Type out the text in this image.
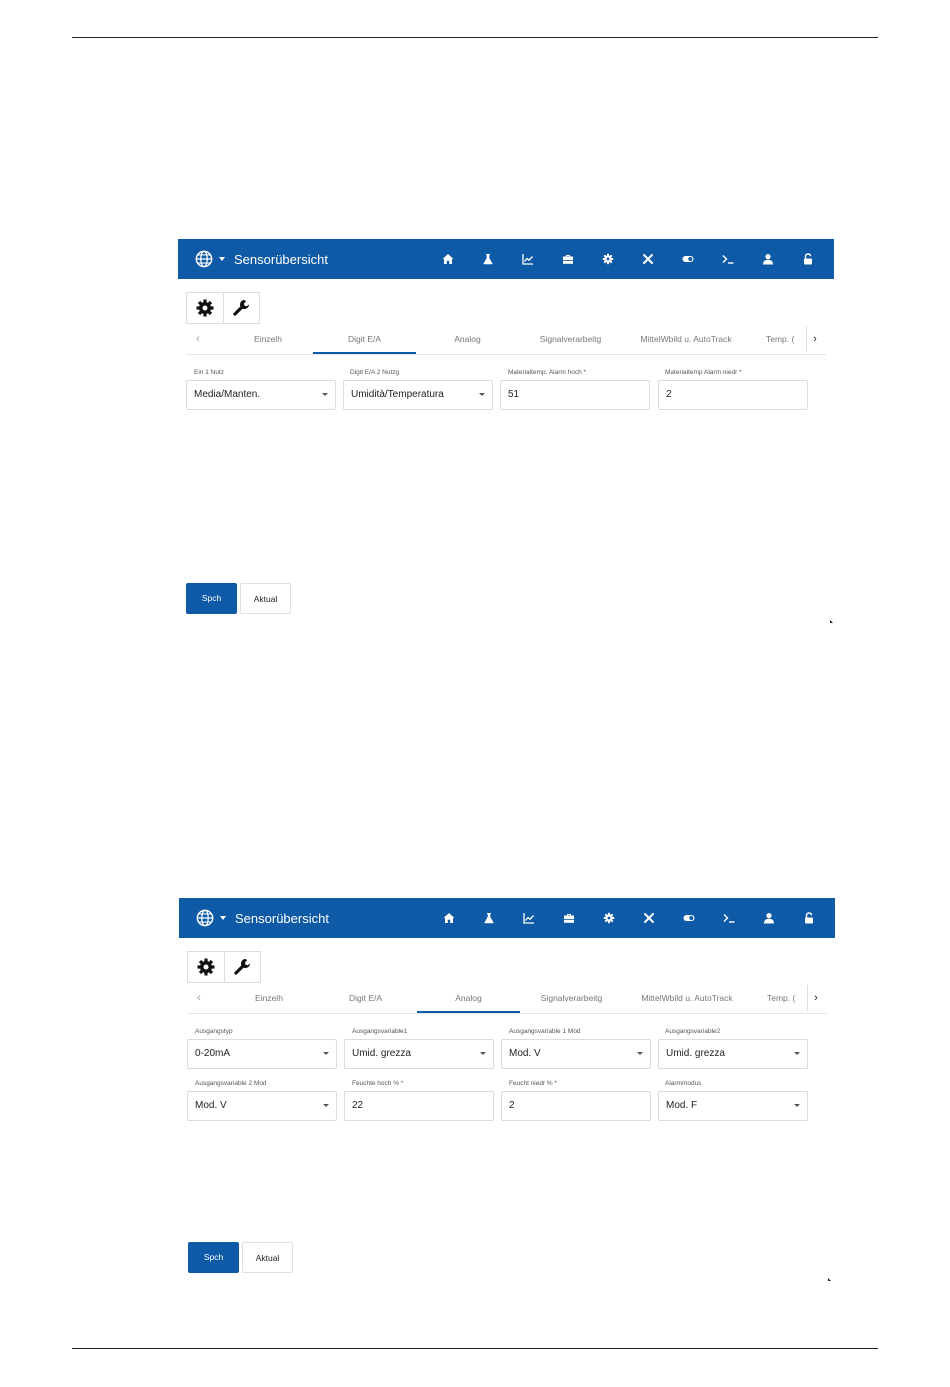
Sensorübersicht
‹	Einzelh	Digit E/A	Analog	Signalverarbeitg	MittelWbild u. AutoTrack	Temp. (	›
Ein 1 Nutz
Media/Manten.
Digit E/A 2 Nutzg
Umidità/Temperatura
Materialtemp. Alarm hoch *
51
Materialtemp Alarm niedr *
2
Spch	Aktual
Sensorübersicht
‹	Einzelh	Digit E/A	Analog	Signalverarbeitg	MittelWbild u. AutoTrack	Temp. (	›
Ausgangstyp
0-20mA
Ausgangsvariable1
Umid. grezza
Ausgangsvariable 1 Mod
Mod. V
Ausgangsvariable2
Umid. grezza
Ausgangsvariable 2 Mod
Mod. V
Feuchte hoch % *
22
Feucht niedr % *
2
Alarmmodus
Mod. F
Spch	Aktual
